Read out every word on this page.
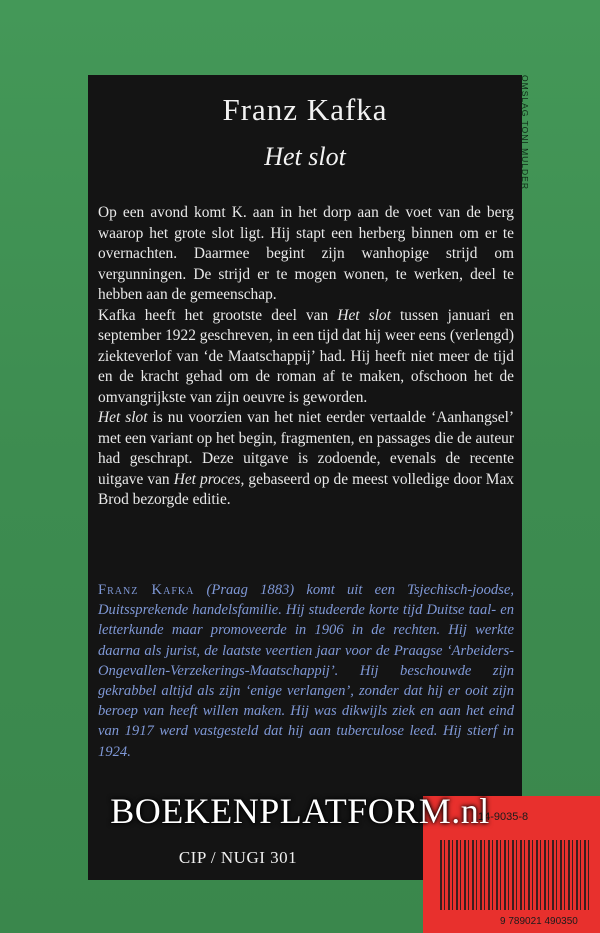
OMSLAG TONI MULDER
Franz Kafka
Het slot

Op een avond komt K. aan in het dorp aan de voet van de berg waarop het grote slot ligt. Hij stapt een herberg binnen om er te overnachten. Daarmee begint zijn wanhopige strijd om vergunningen. De strijd er te mogen wonen, te werken, deel te hebben aan de gemeenschap.

Kafka heeft het grootste deel van Het slot tussen januari en september 1922 geschreven, in een tijd dat hij weer eens (verlengd) ziekteverlof van ‘de Maatschappij’ had. Hij heeft niet meer de tijd en de kracht gehad om de roman af te maken, ofschoon het de omvangrijkste van zijn oeuvre is geworden.

Het slot is nu voorzien van het niet eerder vertaalde ‘Aanhangsel’ met een variant op het begin, fragmenten, en passages die de auteur had geschrapt. Deze uitgave is zodoende, evenals de recente uitgave van Het proces, gebaseerd op de meest volledige door Max Brod bezorgde editie.

Franz Kafka (Praag 1883) komt uit een Tsjechisch-joodse, Duitssprekende handelsfamilie. Hij studeerde korte tijd Duitse taal- en letterkunde maar promoveerde in 1906 in de rechten. Hij werkte daarna als jurist, de laatste veertien jaar voor de Praagse ‘Arbeiders-Ongevallen-Verzekerings-Maatschappij’. Hij beschouwde zijn gekrabbel altijd als zijn ‘enige verlangen’, zonder dat hij er ooit zijn beroep van heeft willen maken. Hij was dikwijls ziek en aan het eind van 1917 werd vastgesteld dat hij aan tuberculose leed. Hij stierf in 1924.
14-9035-8
9 789021 490350
BOEKENPLATFORM.nl
CIP / NUGI 301
